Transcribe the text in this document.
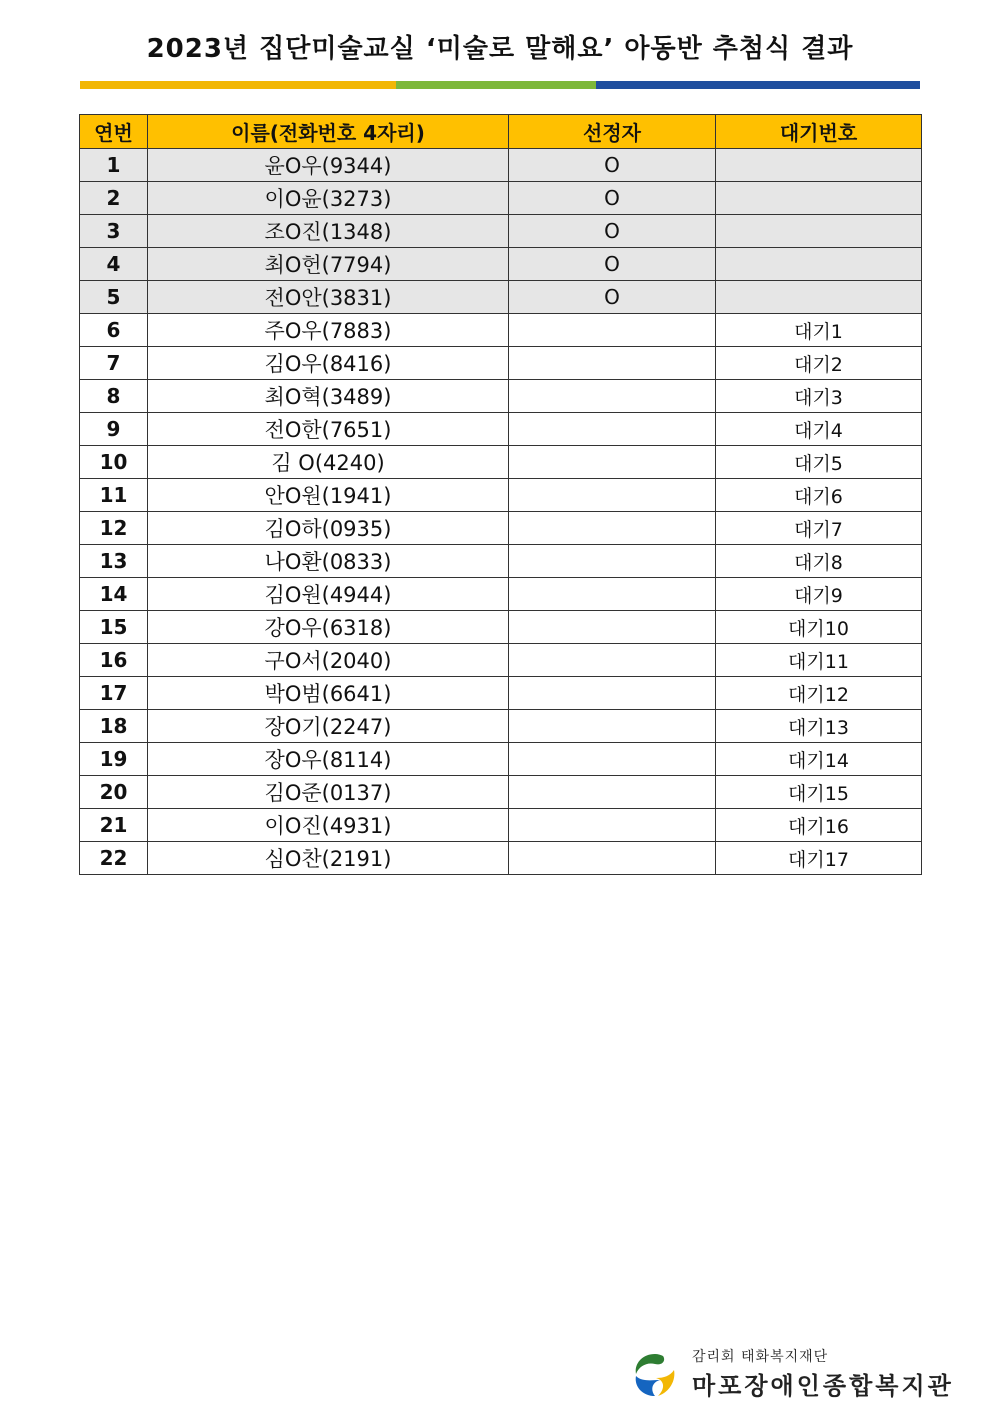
2023년 집단미술교실 ‘미술로 말해요’ 아동반 추첨식 결과
연번	이름(전화번호 4자리)	선정자	대기번호
1	윤O우(9344)	O	
2	이O윤(3273)	O	
3	조O진(1348)	O	
4	최O헌(7794)	O	
5	전O안(3831)	O	
6	주O우(7883)		대기1
7	김O우(8416)		대기2
8	최O혁(3489)		대기3
9	전O한(7651)		대기4
10	김 O(4240)		대기5
11	안O원(1941)		대기6
12	김O하(0935)		대기7
13	나O환(0833)		대기8
14	김O원(4944)		대기9
15	강O우(6318)		대기10
16	구O서(2040)		대기11
17	박O범(6641)		대기12
18	장O기(2247)		대기13
19	장O우(8114)		대기14
20	김O준(0137)		대기15
21	이O진(4931)		대기16
22	심O찬(2191)		대기17
감리회 태화복지재단
마포장애인종합복지관
